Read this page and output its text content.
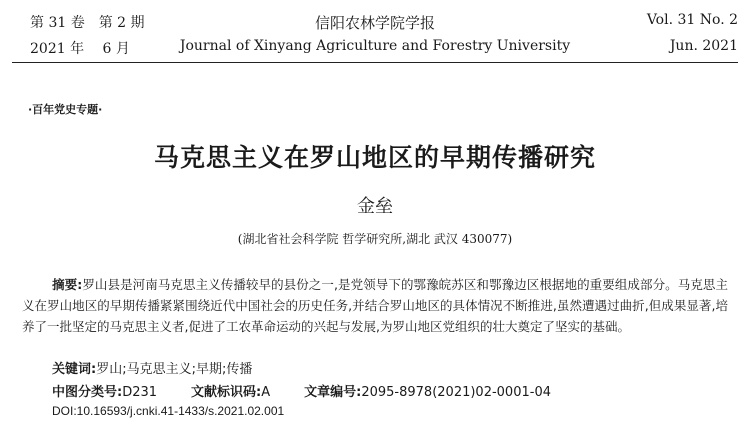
第 31 卷　第 2 期
2021 年　 6 月
信阳农林学院学报
Journal of Xinyang Agriculture and Forestry University
Vol. 31 No. 2
Jun. 2021
·百年党史专题·
马克思主义在罗山地区的早期传播研究
金垒
(湖北省社会科学院 哲学研究所,湖北 武汉 430077)
摘要:罗山县是河南马克思主义传播较早的县份之一,是党领导下的鄂豫皖苏区和鄂豫边区根据地的重要组成部分。马克思主义在罗山地区的早期传播紧紧围绕近代中国社会的历史任务,并结合罗山地区的具体情况不断推进,虽然遭遇过曲折,但成果显著,培养了一批坚定的马克思主义者,促进了工农革命运动的兴起与发展,为罗山地区党组织的壮大奠定了坚实的基础。
关键词:罗山;马克思主义;早期;传播
中图分类号:D231	文献标识码:A	文章编号:2095-8978(2021)02-0001-04
DOI:10.16593/j.cnki.41-1433/s.2021.02.001
